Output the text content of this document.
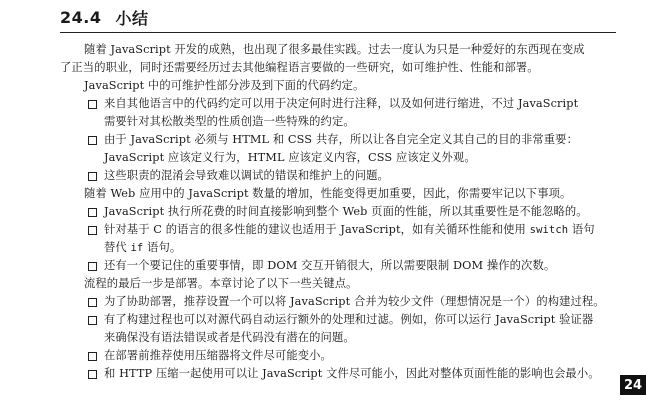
24.4 小结
随着 JavaScript 开发的成熟，也出现了很多最佳实践。过去一度认为只是一种爱好的东西现在变成
了正当的职业，同时还需要经历过去其他编程语言要做的一些研究，如可维护性、性能和部署。
JavaScript 中的可维护性部分涉及到下面的代码约定。
来自其他语言中的代码约定可以用于决定何时进行注释，以及如何进行缩进，不过 JavaScript
需要针对其松散类型的性质创造一些特殊的约定。
由于 JavaScript 必须与 HTML 和 CSS 共存，所以让各自完全定义其自己的目的非常重要：
JavaScript 应该定义行为，HTML 应该定义内容，CSS 应该定义外观。
这些职责的混淆会导致难以调试的错误和维护上的问题。
随着 Web 应用中的 JavaScript 数量的增加，性能变得更加重要，因此，你需要牢记以下事项。
JavaScript 执行所花费的时间直接影响到整个 Web 页面的性能，所以其重要性是不能忽略的。
针对基于 C 的语言的很多性能的建议也适用于 JavaScript，如有关循环性能和使用 switch 语句
替代 if 语句。
还有一个要记住的重要事情，即 DOM 交互开销很大，所以需要限制 DOM 操作的次数。
流程的最后一步是部署。本章讨论了以下一些关键点。
为了协助部署，推荐设置一个可以将 JavaScript 合并为较少文件（理想情况是一个）的构建过程。
有了构建过程也可以对源代码自动运行额外的处理和过滤。例如，你可以运行 JavaScript 验证器
来确保没有语法错误或者是代码没有潜在的问题。
在部署前推荐使用压缩器将文件尽可能变小。
和 HTTP 压缩一起使用可以让 JavaScript 文件尽可能小，因此对整体页面性能的影响也会最小。
24
